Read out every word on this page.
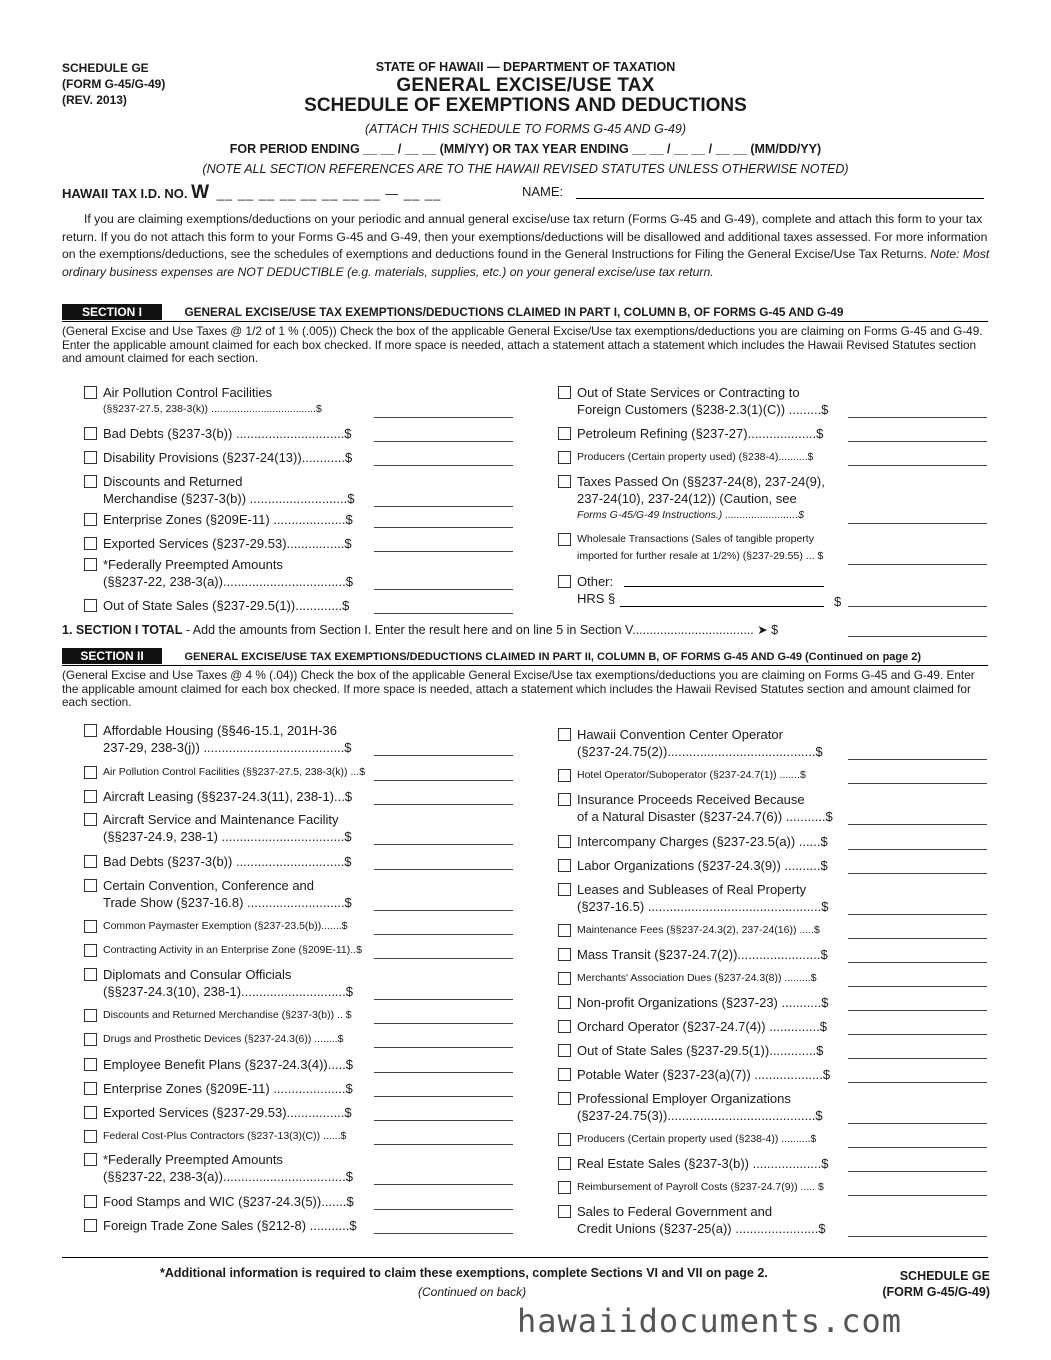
SCHEDULE GE
(FORM G-45/G-49)
(REV. 2013)
STATE OF HAWAII — DEPARTMENT OF TAXATION
GENERAL EXCISE/USE TAX
SCHEDULE OF EXEMPTIONS AND DEDUCTIONS
(ATTACH THIS SCHEDULE TO FORMS G-45 AND G-49)
FOR PERIOD ENDING __ __ / __ __ (MM/YY) OR TAX YEAR ENDING __ __ / __ __ / __ __ (MM/DD/YY)
(NOTE ALL SECTION REFERENCES ARE TO THE HAWAII REVISED STATUTES UNLESS OTHERWISE NOTED)
HAWAII TAX I.D. NO. W __ __ __ __ __ __ __ __ — __ __	NAME:
If you are claiming exemptions/deductions on your periodic and annual general excise/use tax return (Forms G-45 and G-49), complete and attach this form to your tax return. If you do not attach this form to your Forms G-45 and G-49, then your exemptions/deductions will be disallowed and additional taxes assessed. For more information on the exemptions/deductions, see the schedules of exemptions and deductions found in the General Instructions for Filing the General Excise/Use Tax Returns. Note: Most ordinary business expenses are NOT DEDUCTIBLE (e.g. materials, supplies, etc.) on your general excise/use tax return.
SECTION I	GENERAL EXCISE/USE TAX EXEMPTIONS/DEDUCTIONS CLAIMED IN PART I, COLUMN B, OF FORMS G-45 AND G-49
(General Excise and Use Taxes @ 1/2 of 1 % (.005)) Check the box of the applicable General Excise/Use tax exemptions/deductions you are claiming on Forms G-45 and G-49. Enter the applicable amount claimed for each box checked. If more space is needed, attach a statement attach a statement which includes the Hawaii Revised Statutes section and amount claimed for each section.
Air Pollution Control Facilities
(§§237-27.5, 238-3(k)) ....................................$
Bad Debts (§237-3(b)) ..............................$
Disability Provisions (§237-24(13))............$
Discounts and Returned
Merchandise (§237-3(b)) ...........................$
Enterprise Zones (§209E-11) ....................$
Exported Services (§237-29.53)................$
*Federally Preempted Amounts
(§§237-22, 238-3(a))..................................$
Out of State Sales (§237-29.5(1)).............$
Out of State Services or Contracting to
Foreign Customers (§238-2.3(1)(C)) .........$
Petroleum Refining (§237-27)...................$
Producers (Certain property used) (§238-4)..........$
Taxes Passed On (§§237-24(8), 237-24(9),
237-24(10), 237-24(12)) (Caution, see
Forms G-45/G-49 Instructions.) .........................$
Wholesale Transactions (Sales of tangible property
imported for further resale at 1/2%) (§237-29.55) ... $
Other:
HRS §	$
1. SECTION I TOTAL - Add the amounts from Section I. Enter the result here and on line 5 in Section V................................... ➤ $
SECTION II	GENERAL EXCISE/USE TAX EXEMPTIONS/DEDUCTIONS CLAIMED IN PART II, COLUMN B, OF FORMS G-45 AND G-49 (Continued on page 2)
(General Excise and Use Taxes @ 4 % (.04)) Check the box of the applicable General Excise/Use tax exemptions/deductions you are claiming on Forms G-45 and G-49. Enter the applicable amount claimed for each box checked. If more space is needed, attach a statement which includes the Hawaii Revised Statutes section and amount claimed for each section.
Affordable Housing (§§46-15.1, 201H-36
237-29, 238-3(j)) .......................................$
Air Pollution Control Facilities (§§237-27.5, 238-3(k)) ...$
Aircraft Leasing (§§237-24.3(11), 238-1)...$
Aircraft Service and Maintenance Facility
(§§237-24.9, 238-1) ..................................$
Bad Debts (§237-3(b)) ..............................$
Certain Convention, Conference and
Trade Show (§237-16.8) ...........................$
Common Paymaster Exemption (§237-23.5(b)).......$
Contracting Activity in an Enterprise Zone (§209E-11)..$
Diplomats and Consular Officials
(§§237-24.3(10), 238-1).............................$
Discounts and Returned Merchandise (§237-3(b)) .. $
Drugs and Prosthetic Devices (§237-24.3(6)) ........$
Employee Benefit Plans (§237-24.3(4)).....$
Enterprise Zones (§209E-11) ....................$
Exported Services (§237-29.53)................$
Federal Cost-Plus Contractors (§237-13(3)(C)) ......$
*Federally Preempted Amounts
(§§237-22, 238-3(a))..................................$
Food Stamps and WIC (§237-24.3(5)).......$
Foreign Trade Zone Sales (§212-8) ...........$
Hawaii Convention Center Operator
(§237-24.75(2)).........................................$
Hotel Operator/Suboperator (§237-24.7(1)) .......$
Insurance Proceeds Received Because
of a Natural Disaster (§237-24.7(6)) ...........$
Intercompany Charges (§237-23.5(a)) ......$
Labor Organizations (§237-24.3(9)) ..........$
Leases and Subleases of Real Property
(§237-16.5) ................................................$
Maintenance Fees (§§237-24.3(2), 237-24(16)) .....$
Mass Transit (§237-24.7(2)).......................$
Merchants' Association Dues (§237-24.3(8)) .........$
Non-profit Organizations (§237-23) ...........$
Orchard Operator (§237-24.7(4)) ..............$
Out of State Sales (§237-29.5(1)).............$
Potable Water (§237-23(a)(7)) ...................$
Professional Employer Organizations
(§237-24.75(3)).........................................$
Producers (Certain property used (§238-4)) ..........$
Real Estate Sales (§237-3(b)) ...................$
Reimbursement of Payroll Costs (§237-24.7(9)) ..... $
Sales to Federal Government and
Credit Unions (§237-25(a)) .......................$
*Additional information is required to claim these exemptions, complete Sections VI and VII on page 2.
(Continued on back)
SCHEDULE GE
(FORM G-45/G-49)
hawaiidocuments.com
